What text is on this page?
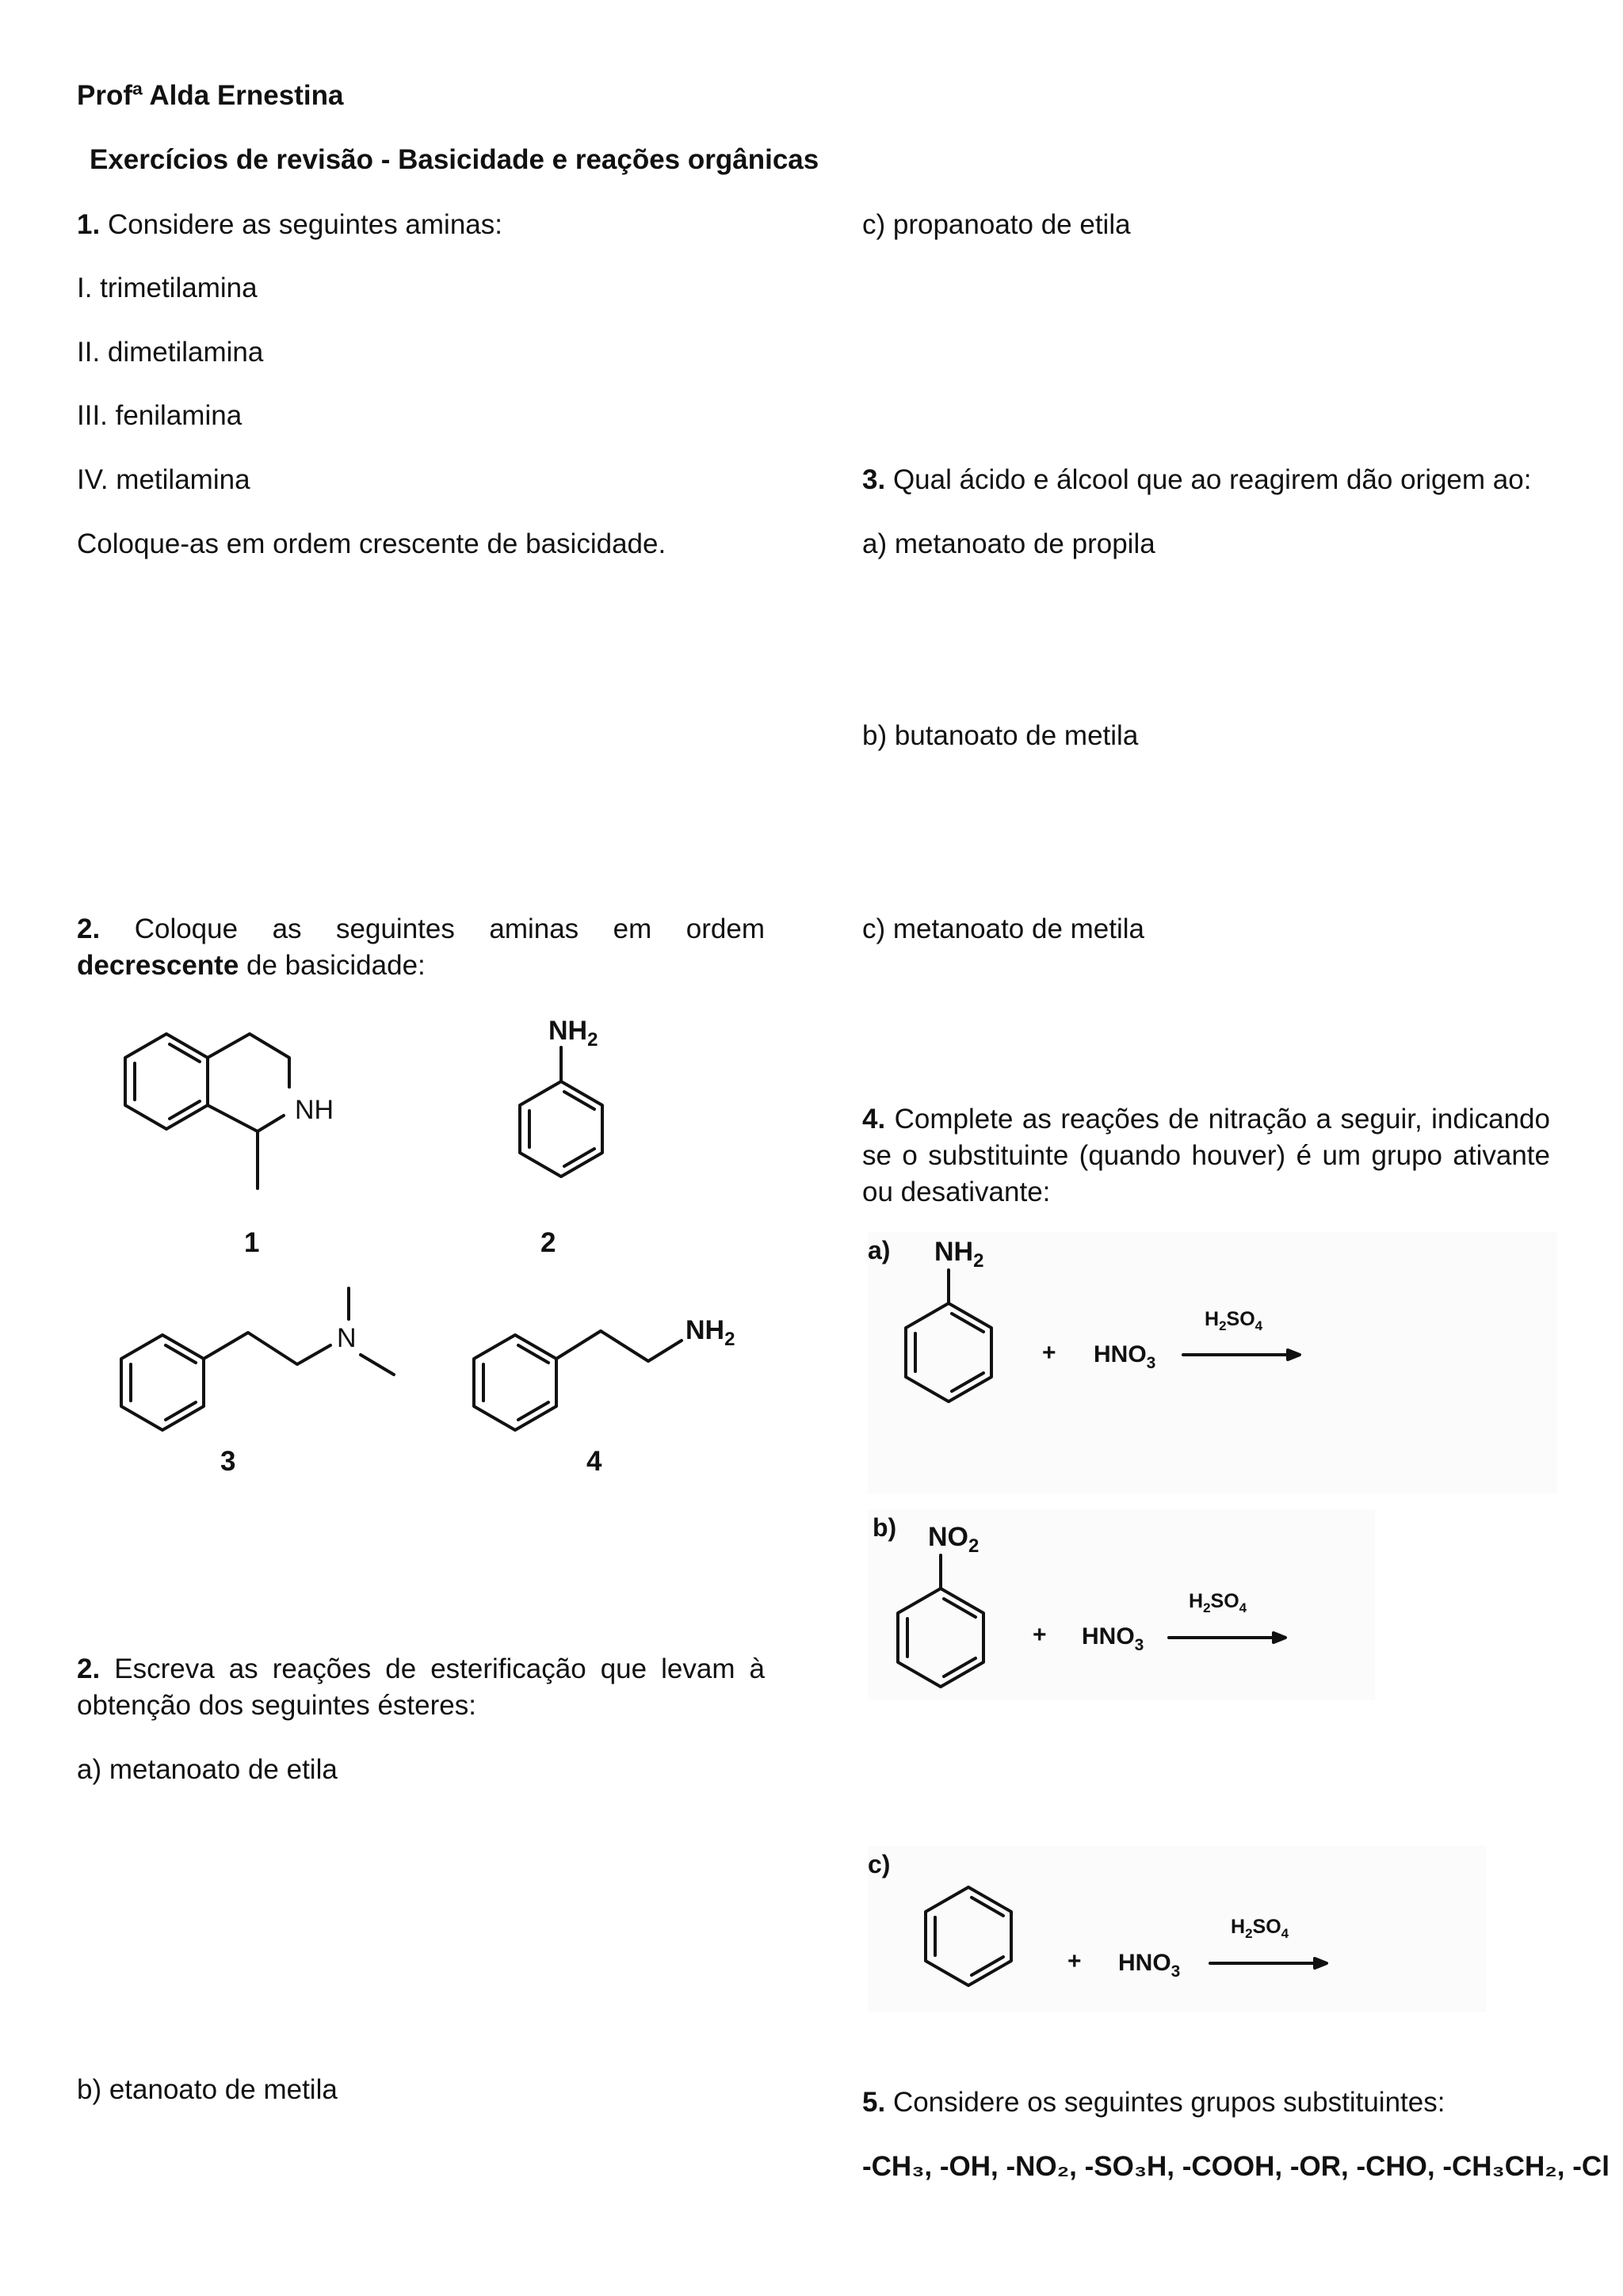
Profª Alda Ernestina
Exercícios de revisão - Basicidade e reações orgânicas
1. Considere as seguintes aminas:
I. trimetilamina
II. dimetilamina
III. fenilamina
IV. metilamina
Coloque-as em ordem crescente de basicidade.
2. Coloque as seguintes aminas em ordem decrescente de basicidade:
NH
1
$NH_2$
2
N
3
$NH_2$
4
2. Escreva as reações de esterificação que levam à obtenção dos seguintes ésteres:
a) metanoato de etila
b) etanoato de metila
c) propanoato de etila
3. Qual ácido e álcool que ao reagirem dão origem ao:
a) metanoato de propila
b) butanoato de metila
c) metanoato de metila
4. Complete as reações de nitração a seguir, indicando se o substituinte (quando houver) é um grupo ativante ou desativante:
a) $NH_2$
+ $HNO_3$
$H_2SO_4$
b) $NO_2$
+ $HNO_3$
$H_2SO_4$
c)
+ $HNO_3$
$H_2SO_4$
5. Considere os seguintes grupos substituintes:
-CH₃, -OH, -NO₂, -SO₃H, -COOH, -OR, -CHO, -CH₃CH₂, -Cl
